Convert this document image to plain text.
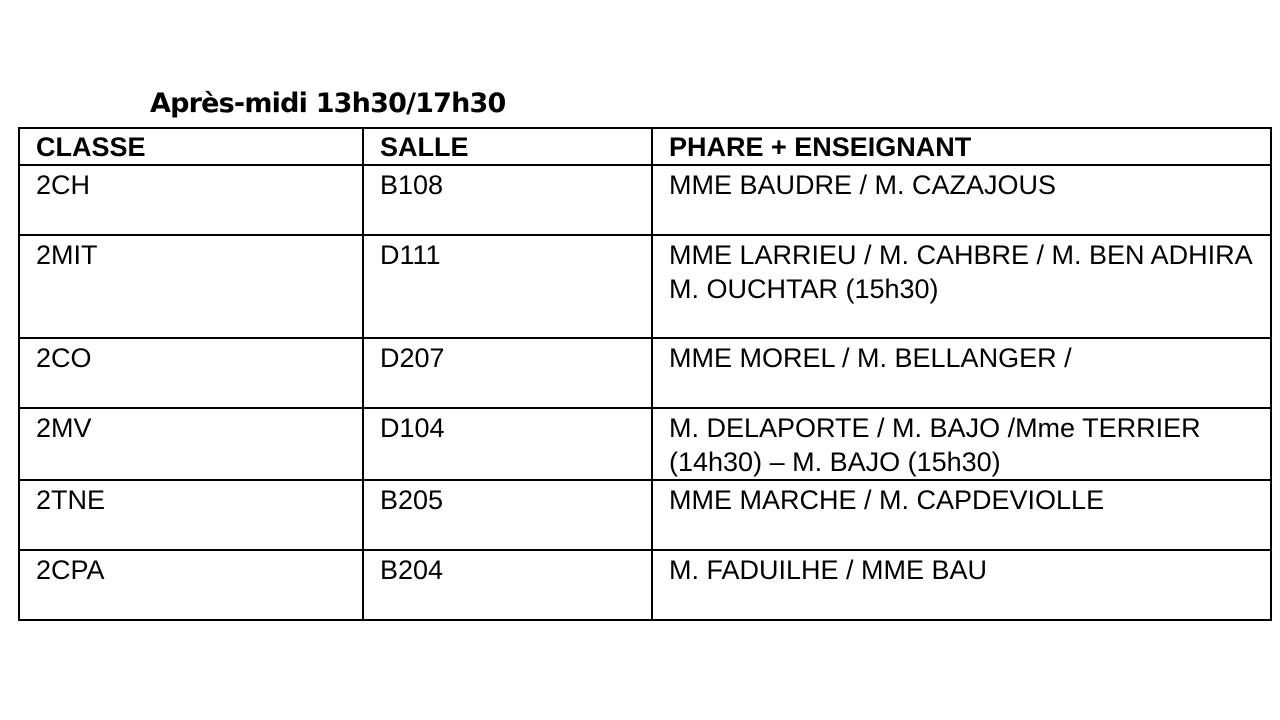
Après-midi 13h30/17h30
CLASSE	SALLE	PHARE + ENSEIGNANT
2CH	B108	MME BAUDRE / M. CAZAJOUS
2MIT	D111	MME LARRIEU / M. CAHBRE / M. BEN ADHIRA M. OUCHTAR (15h30)
2CO	D207	MME MOREL / M. BELLANGER /
2MV	D104	M. DELAPORTE / M. BAJO /Mme TERRIER (14h30) – M. BAJO (15h30)
2TNE	B205	MME MARCHE / M. CAPDEVIOLLE
2CPA	B204	M. FADUILHE / MME BAU
